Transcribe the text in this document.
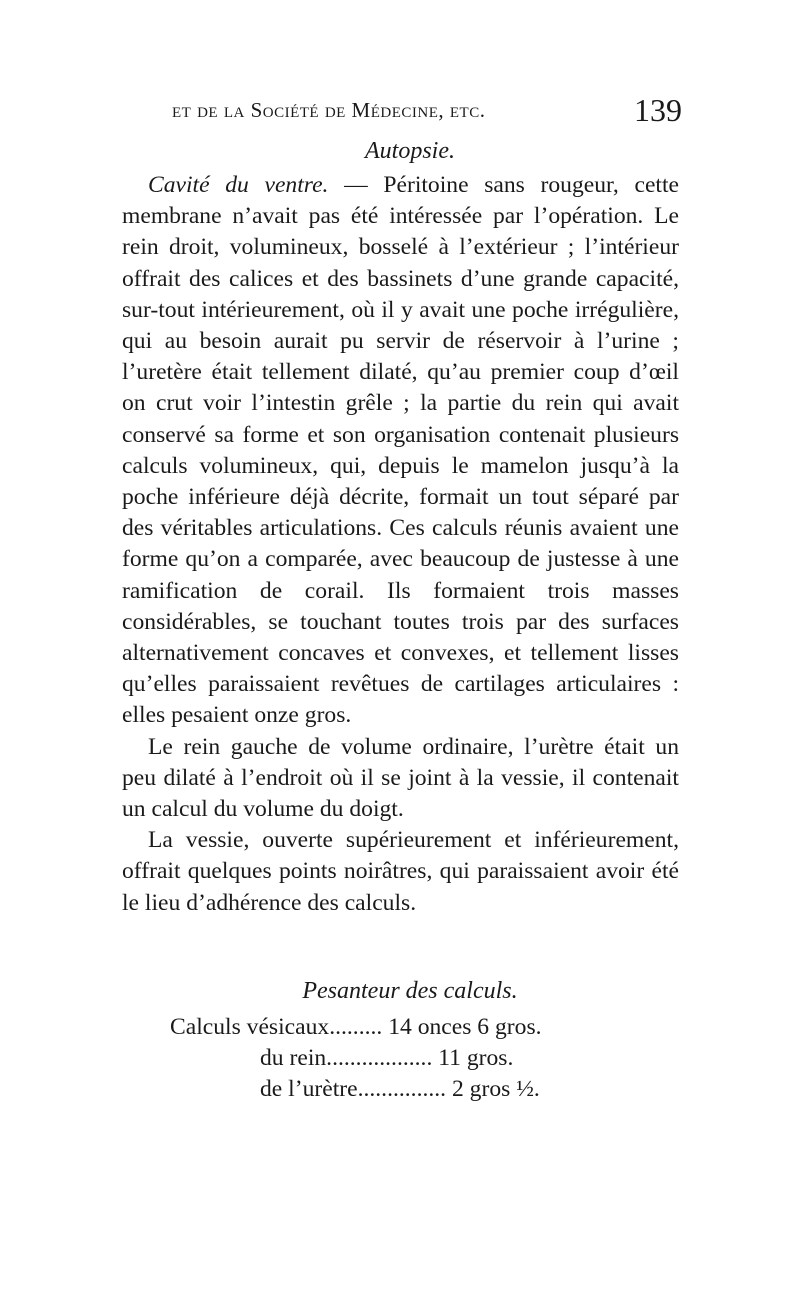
et de la Société de Médecine, etc.	139
Autopsie.

Cavité du ventre. — Péritoine sans rougeur, cette membrane n’avait pas été intéressée par l’opération. Le rein droit, volumineux, bosselé à l’extérieur ; l’intérieur offrait des calices et des bassinets d’une grande capacité, sur-tout intérieurement, où il y avait une poche irrégulière, qui au besoin aurait pu servir de réservoir à l’urine ; l’uretère était tellement dilaté, qu’au premier coup d’œil on crut voir l’intestin grêle ; la partie du rein qui avait conservé sa forme et son organisation contenait plusieurs calculs volumineux, qui, depuis le mamelon jusqu’à la poche inférieure déjà décrite, formait un tout séparé par des véritables articulations. Ces calculs réunis avaient une forme qu’on a comparée, avec beaucoup de justesse à une ramification de corail. Ils formaient trois masses considérables, se touchant toutes trois par des surfaces alternativement concaves et convexes, et tellement lisses qu’elles paraissaient revêtues de cartilages articulaires : elles pesaient onze gros.

Le rein gauche de volume ordinaire, l’urètre était un peu dilaté à l’endroit où il se joint à la vessie, il contenait un calcul du volume du doigt.

La vessie, ouverte supérieurement et inférieurement, offrait quelques points noirâtres, qui paraissaient avoir été le lieu d’adhérence des calculs.

Pesanteur des calculs.
Calculs vésicaux......... 14 onces 6 gros.
du rein.................. 11 gros.
de l’urètre............... 2 gros ½.
